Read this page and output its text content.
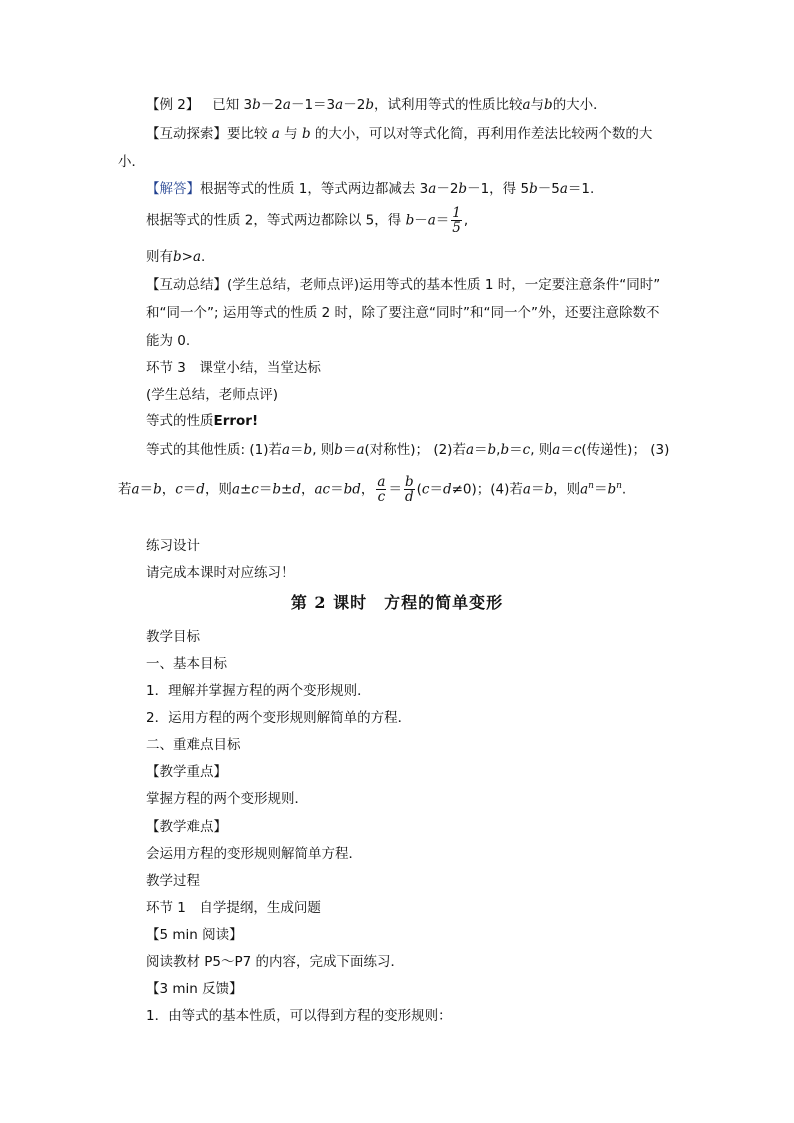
【例 2】 已知 3b－2a－1＝3a－2b，试利用等式的性质比较a与b的大小．
【互动探索】要比较 a 与 b 的大小，可以对等式化简，再利用作差法比较两个数的大
小．
【解答】根据等式的性质 1，等式两边都减去 3a－2b－1，得 5b－5a＝1.
根据等式的性质 2，等式两边都除以 5，得 $b-a= \frac{1}{5}$ ,
则有b>a.
【互动总结】(学生总结，老师点评)运用等式的基本性质 1 时，一定要注意条件“同时”
和“同一个”; 运用等式的性质 2 时，除了要注意“同时”和“同一个”外，还要注意除数不
能为 0.
环节 3　课堂小结，当堂达标
(学生总结，老师点评)
等式的性质Error!
等式的其他性质: (1)若a＝b, 则b＝a(对称性)； (2)若a＝b,b＝c, 则a＝c(传递性)； (3)
若a＝b，c＝d，则a±c＝b±d，ac＝bd， $\frac{a}{c} = \frac{b}{d} (c=d\ne 0)$；(4)若a＝b，则$a^n=b^n$.
练习设计
请完成本课时对应练习！
第 2 课时　方程的简单变形
教学目标
一、基本目标
1．理解并掌握方程的两个变形规则．
2．运用方程的两个变形规则解简单的方程．
二、重难点目标
【教学重点】
掌握方程的两个变形规则．
【教学难点】
会运用方程的变形规则解简单方程．
教学过程
环节 1　自学提纲，生成问题
【5 min 阅读】
阅读教材 P5～P7 的内容，完成下面练习．
【3 min 反馈】
1．由等式的基本性质，可以得到方程的变形规则：
